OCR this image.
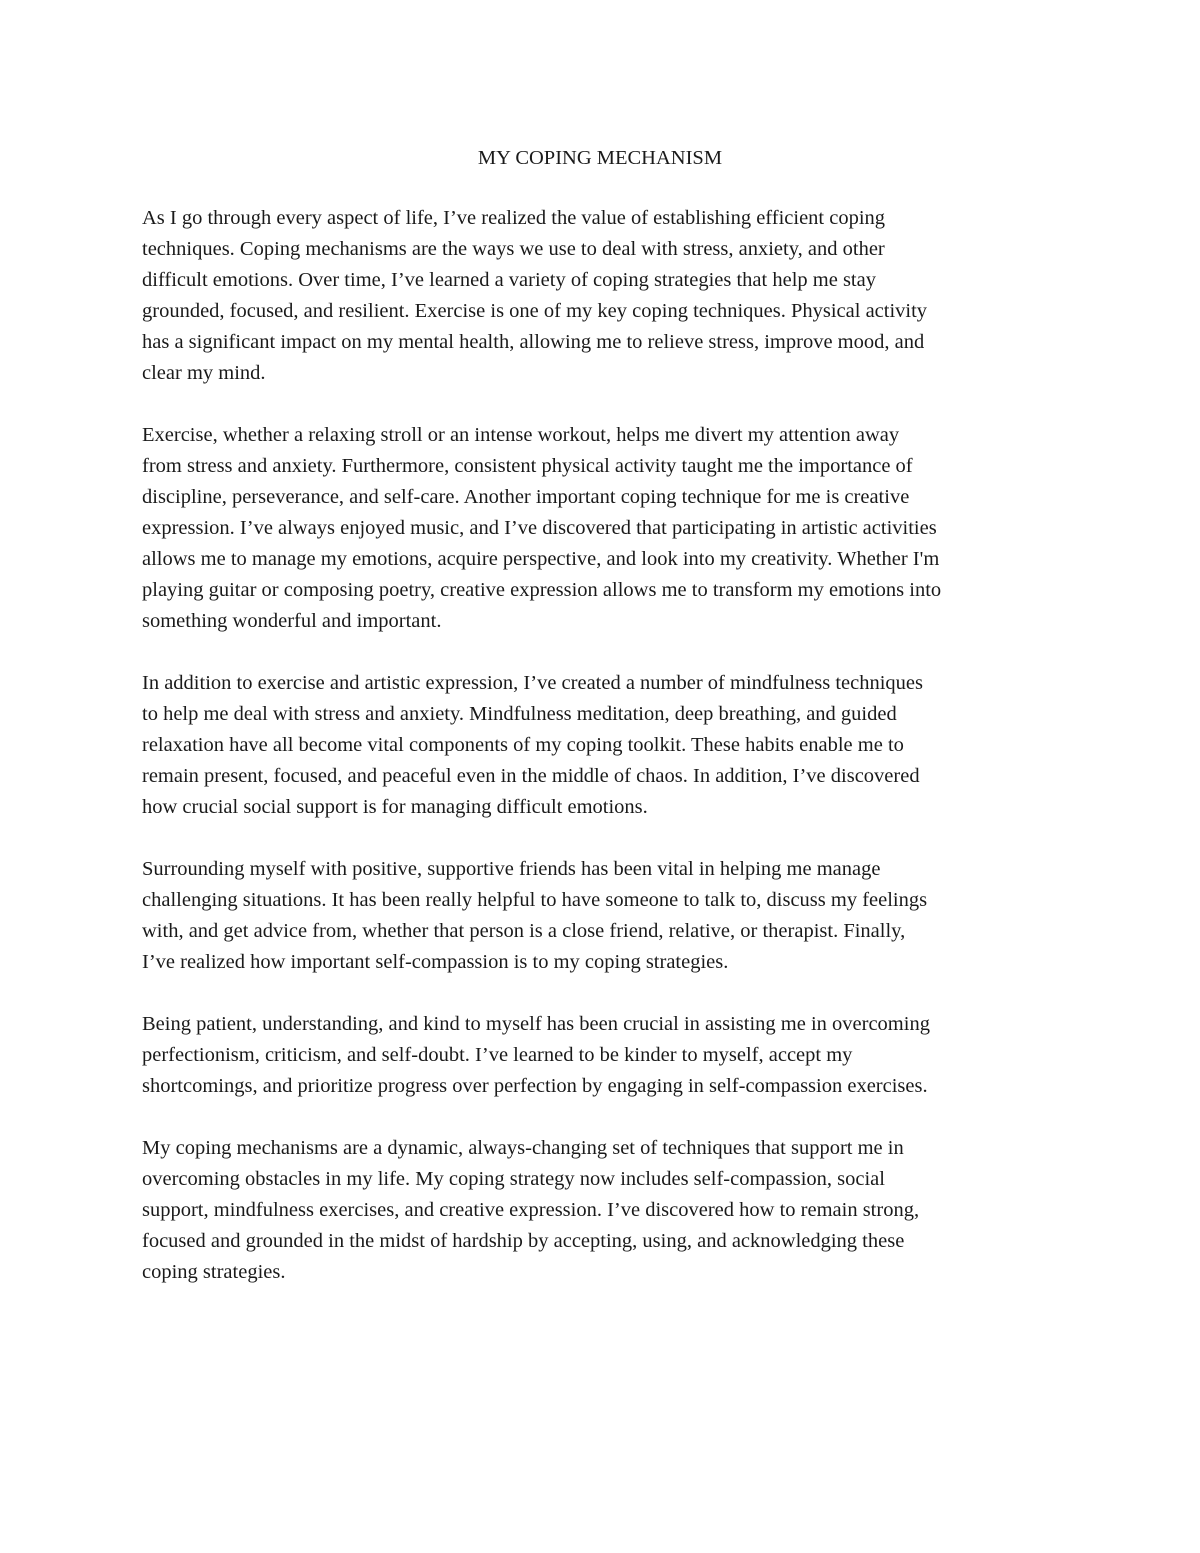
MY COPING MECHANISM

As I go through every aspect of life, I’ve realized the value of establishing efficient coping
techniques. Coping mechanisms are the ways we use to deal with stress, anxiety, and other
difficult emotions. Over time, I’ve learned a variety of coping strategies that help me stay
grounded, focused, and resilient. Exercise is one of my key coping techniques. Physical activity
has a significant impact on my mental health, allowing me to relieve stress, improve mood, and
clear my mind.

Exercise, whether a relaxing stroll or an intense workout, helps me divert my attention away
from stress and anxiety. Furthermore, consistent physical activity taught me the importance of
discipline, perseverance, and self-care. Another important coping technique for me is creative
expression. I’ve always enjoyed music, and I’ve discovered that participating in artistic activities
allows me to manage my emotions, acquire perspective, and look into my creativity. Whether I'm
playing guitar or composing poetry, creative expression allows me to transform my emotions into
something wonderful and important.

In addition to exercise and artistic expression, I’ve created a number of mindfulness techniques
to help me deal with stress and anxiety. Mindfulness meditation, deep breathing, and guided
relaxation have all become vital components of my coping toolkit. These habits enable me to
remain present, focused, and peaceful even in the middle of chaos. In addition, I’ve discovered
how crucial social support is for managing difficult emotions.

Surrounding myself with positive, supportive friends has been vital in helping me manage
challenging situations. It has been really helpful to have someone to talk to, discuss my feelings
with, and get advice from, whether that person is a close friend, relative, or therapist. Finally,
I’ve realized how important self-compassion is to my coping strategies.

Being patient, understanding, and kind to myself has been crucial in assisting me in overcoming
perfectionism, criticism, and self-doubt. I’ve learned to be kinder to myself, accept my
shortcomings, and prioritize progress over perfection by engaging in self-compassion exercises.

My coping mechanisms are a dynamic, always-changing set of techniques that support me in
overcoming obstacles in my life. My coping strategy now includes self-compassion, social
support, mindfulness exercises, and creative expression. I’ve discovered how to remain strong,
focused and grounded in the midst of hardship by accepting, using, and acknowledging these
coping strategies.
